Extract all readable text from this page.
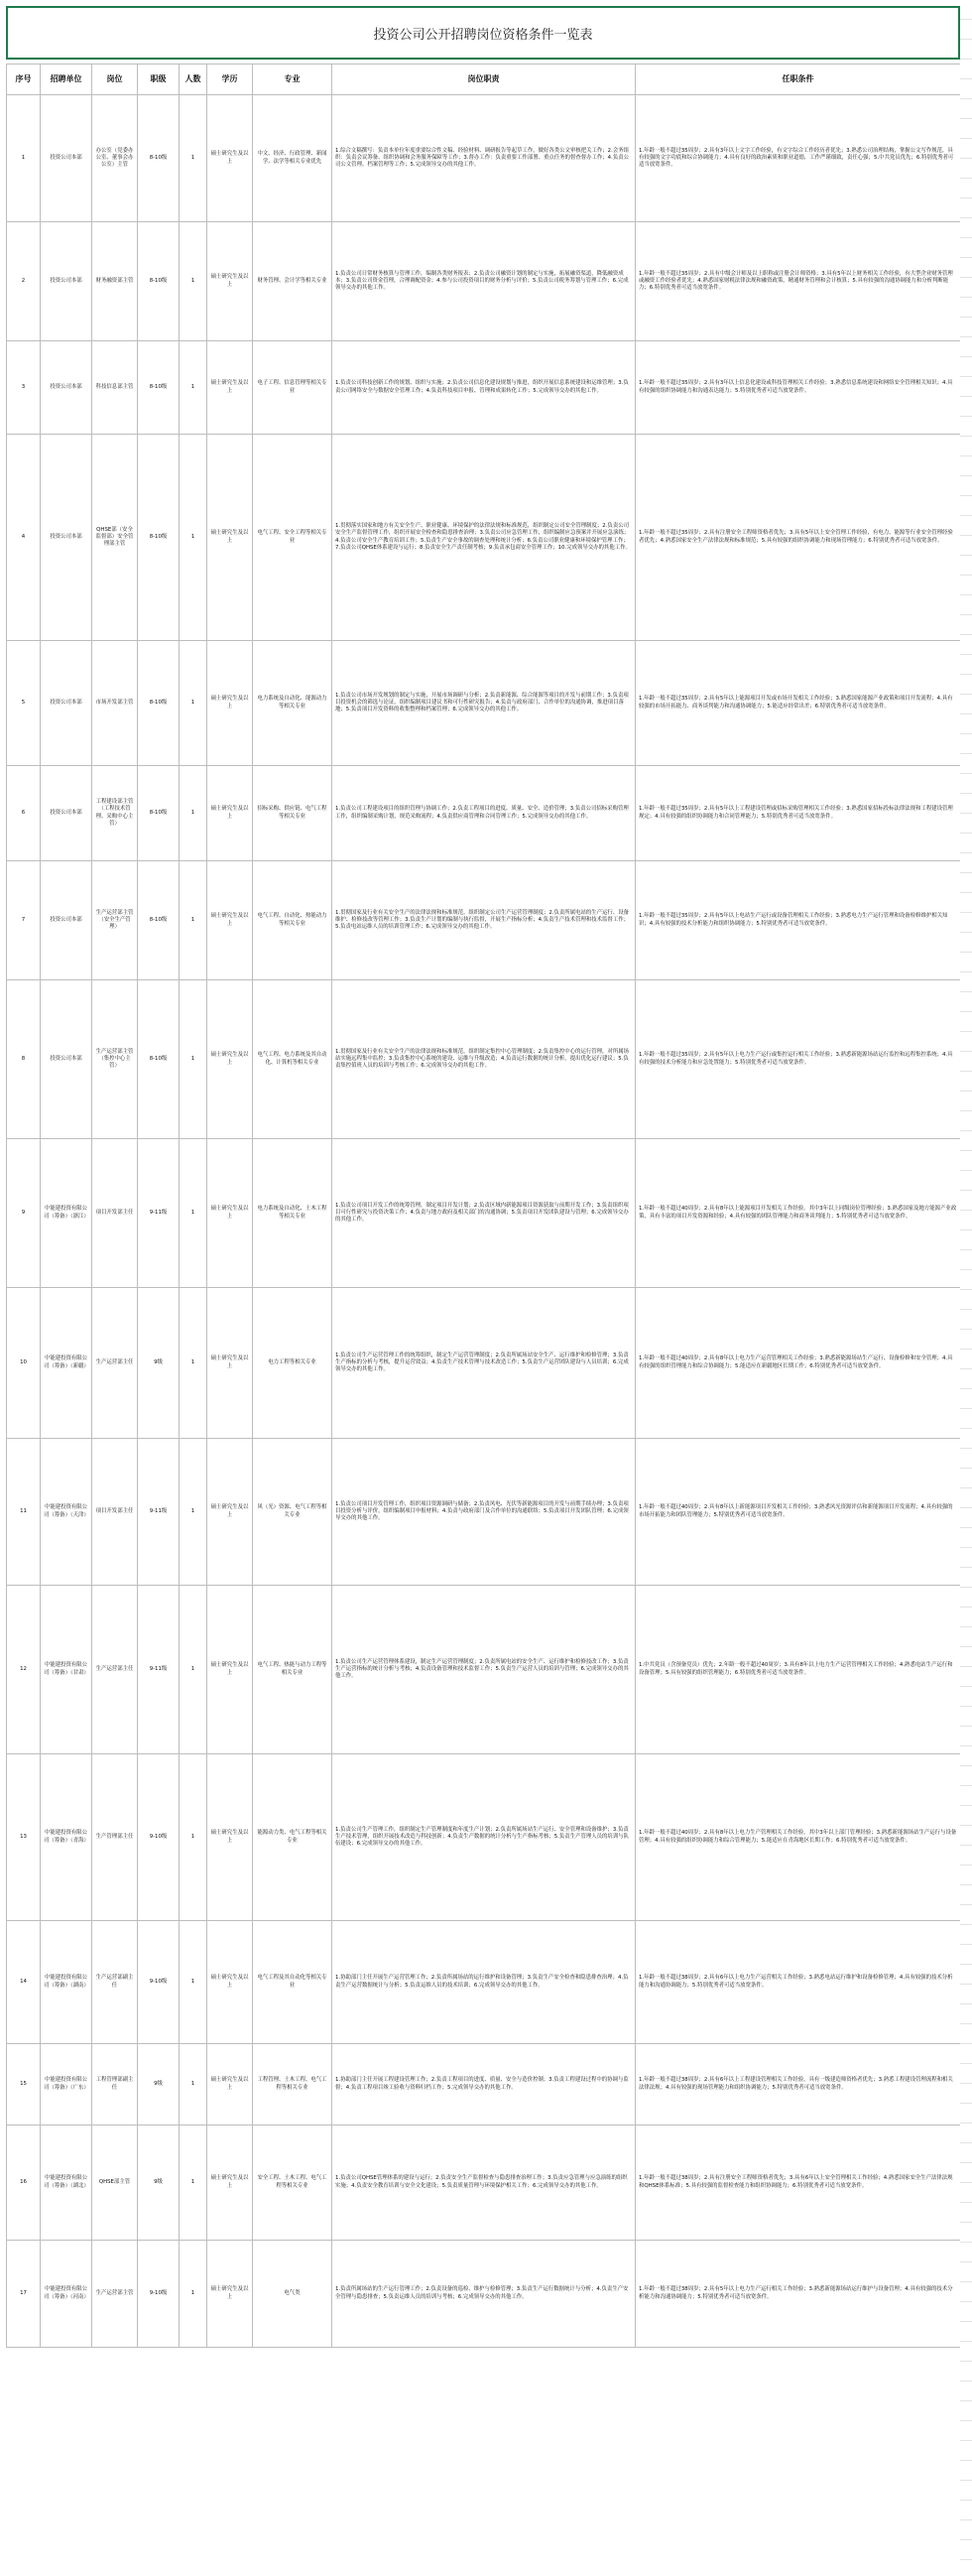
投资公司公开招聘岗位资格条件一览表
序号	招聘单位	岗位	职级	人数	学历	专业	岗位职责	任职条件

1	投资公司本部	办公室（党委办公室、董事会办公室）主管	8-10级	1	硕士研究生及以上	中文、经济、行政管理、新闻学、法学等相关专业优先	1.综合文稿撰写：负责本单位年度重要综合性文稿、经验材料、调研报告等起草工作，做好各类公文审核把关工作；2.会务组织：负责会议筹备、组织协调和会务服务保障等工作；3.督办工作：负责重要工作部署、重点任务的督查督办工作；4.负责公司公文管理、档案管理等工作；5.完成领导交办的其他工作。	1.年龄一般不超过35周岁；2.具有3年以上文字工作经验，有文字综合工作经历者优先；3.熟悉公司治理结构，掌握公文写作规范，具有较强的文字功底和综合协调能力；4.具有良好的政治素质和职业道德，工作严谨细致，责任心强；5.中共党员优先；6.特别优秀者可适当放宽条件。

2	投资公司本部	财务融资部主管	8-10级	1	硕士研究生及以上	财务管理、会计学等相关专业	1.负责公司日常财务核算与管理工作，编制各类财务报表；2.负责公司融资计划的制定与实施，拓展融资渠道，降低融资成本；3.负责公司资金管理，合理调配资金；4.参与公司投资项目的财务分析与评价；5.负责公司税务筹划与管理工作；6.完成领导交办的其他工作。	1.年龄一般不超过35周岁；2.具有中级会计师及以上职称或注册会计师资格；3.具有5年以上财务相关工作经验，有大型企业财务管理或融资工作经验者优先；4.熟悉国家财税法律法规和融资政策，精通财务管理和会计核算；5.具有较强的沟通协调能力和分析判断能力；6.特别优秀者可适当放宽条件。

3	投资公司本部	科技信息部主管	8-10级	1	硕士研究生及以上	电子工程、信息管理等相关专业	1.负责公司科技创新工作的规划、组织与实施；2.负责公司信息化建设规划与推进，组织开展信息系统建设和运维管理；3.负责公司网络安全与数据安全管理工作；4.负责科技项目申报、管理和成果转化工作；5.完成领导交办的其他工作。	1.年龄一般不超过35周岁；2.具有3年以上信息化建设或科技管理相关工作经验；3.熟悉信息系统建设和网络安全管理相关知识；4.具有较强的组织协调能力和沟通表达能力；5.特别优秀者可适当放宽条件。

4	投资公司本部	QHSE部（安全监督部）安全管理部主管	8-10级	1	硕士研究生及以上	电气工程、安全工程等相关专业	1.贯彻落实国家和地方有关安全生产、职业健康、环境保护的法律法规和标准规范，组织制定公司安全管理制度；2.负责公司安全生产监督管理工作，组织开展安全检查和隐患排查治理；3.负责公司应急管理工作，组织编制应急预案并开展应急演练；4.负责公司安全生产教育培训工作；5.负责生产安全事故的调查处理和统计分析；6.负责公司职业健康和环境保护管理工作；7.负责公司QHSE体系建设与运行；8.负责安全生产责任制考核；9.负责承包商安全管理工作；10.完成领导交办的其他工作。	1.年龄一般不超过35周岁；2.具有注册安全工程师资格者优先；3.具有5年以上安全管理工作经验，有电力、能源等行业安全管理经验者优先；4.熟悉国家安全生产法律法规和标准规范；5.具有较强的组织协调能力和现场管理能力；6.特别优秀者可适当放宽条件。

5	投资公司本部	市场开发部主管	8-10级	1	硕士研究生及以上	电力系统及自动化、能源动力等相关专业	1.负责公司市场开发规划的制定与实施，开展市场调研与分析；2.负责新能源、综合能源等项目的开发与前期工作；3.负责项目投资机会的筛选与论证，组织编制项目建议书和可行性研究报告；4.负责与政府部门、合作单位的沟通协调，推进项目落地；5.负责项目开发资料的收集整理和档案管理；6.完成领导交办的其他工作。	1.年龄一般不超过35周岁；2.具有5年以上能源项目开发或市场开发相关工作经验；3.熟悉国家能源产业政策和项目开发流程；4.具有较强的市场开拓能力、商务谈判能力和沟通协调能力；5.能适应经常出差；6.特别优秀者可适当放宽条件。

6	投资公司本部	工程建设部主管（工程技术管理、采购中心主管）	8-10级	1	硕士研究生及以上	招标采购、供应链、电气工程等相关专业	1.负责公司工程建设项目的组织管理与协调工作；2.负责工程项目的进度、质量、安全、造价管理；3.负责公司招标采购管理工作，组织编制采购计划，规范采购流程；4.负责供应商管理和合同管理工作；5.完成领导交办的其他工作。	1.年龄一般不超过35周岁；2.具有5年以上工程建设管理或招标采购管理相关工作经验；3.熟悉国家招标投标法律法规和工程建设管理规定；4.具有较强的组织协调能力和合同管理能力；5.特别优秀者可适当放宽条件。

7	投资公司本部	生产运营部主管（安全生产管理）	8-10级	1	硕士研究生及以上	电气工程、自动化、热能动力等相关专业	1.贯彻国家及行业有关安全生产的法律法规和标准规范，组织制定公司生产运营管理制度；2.负责所属电站的生产运行、设备维护、检修技改等管理工作；3.负责生产计划的编制与执行监督，开展生产指标分析；4.负责生产技术管理和技术监督工作；5.负责电站运维人员的培训管理工作；6.完成领导交办的其他工作。	1.年龄一般不超过35周岁；2.具有5年以上电站生产运行或设备管理相关工作经验；3.熟悉电力生产运行管理和设备检修维护相关知识；4.具有较强的技术分析能力和组织协调能力；5.特别优秀者可适当放宽条件。

8	投资公司本部	生产运营部主管（集控中心主管）	8-10级	1	硕士研究生及以上	电气工程、电力系统及其自动化、计算机等相关专业	1.贯彻国家及行业有关安全生产的法律法规和标准规范，组织制定集控中心管理制度；2.负责集控中心的运行管理，对所属场站实施远程集中监控；3.负责集控中心系统的建设、运维与升级改造；4.负责运行数据的统计分析，提出优化运行建议；5.负责集控值班人员的培训与考核工作；6.完成领导交办的其他工作。	1.年龄一般不超过35周岁；2.具有5年以上电力生产运行或集控运行相关工作经验；3.熟悉新能源场站运行监控和远程集控系统；4.具有较强的技术分析能力和应急处置能力；5.特别优秀者可适当放宽条件。

9	中能建投资有限公司（筹备）（浙江）	项目开发部主任	9-11级	1	硕士研究生及以上	电力系统及自动化、土木工程等相关专业	1.负责公司项目开发工作的统筹管理，制定项目开发计划；2.负责区域内新能源项目资源获取与前期开发工作；3.负责组织项目可行性研究与投资决策工作；4.负责与地方政府及相关部门的沟通协调；5.负责项目开发团队建设与管理；6.完成领导交办的其他工作。	1.年龄一般不超过40周岁；2.具有8年以上能源项目开发相关工作经验，其中3年以上同级岗位管理经验；3.熟悉国家及地方能源产业政策，具有丰富的项目开发资源和经验；4.具有较强的团队管理能力和商务谈判能力；5.特别优秀者可适当放宽条件。

10	中能建投资有限公司（筹备）（新疆）	生产运营部主任	9级	1	硕士研究生及以上	电力工程等相关专业	1.负责公司生产运营管理工作的统筹组织，制定生产运营管理制度；2.负责所属场站安全生产、运行维护和检修管理；3.负责生产指标的分析与考核，提升运营效益；4.负责生产技术管理与技术改造工作；5.负责生产运营团队建设与人员培训；6.完成领导交办的其他工作。	1.年龄一般不超过40周岁；2.具有8年以上电力生产运营管理相关工作经验；3.熟悉新能源场站生产运行、设备检修和安全管理；4.具有较强的组织管理能力和综合协调能力；5.能适应在新疆地区长期工作；6.特别优秀者可适当放宽条件。

11	中能建投资有限公司（筹备）（天津）	项目开发部主任	9-11级	1	硕士研究生及以上	风（光）资源、电气工程等相关专业	1.负责公司项目开发管理工作，组织项目资源调研与储备；2.负责风电、光伏等新能源项目的开发与前期手续办理；3.负责项目投资分析与评价，组织编制项目申报材料；4.负责与政府部门及合作单位的沟通联络；5.负责项目开发团队管理；6.完成领导交办的其他工作。	1.年龄一般不超过40周岁；2.具有8年以上新能源项目开发相关工作经验；3.熟悉风光资源评估和新能源项目开发流程；4.具有较强的市场开拓能力和团队管理能力；5.特别优秀者可适当放宽条件。

12	中能建投资有限公司（筹备）（甘肃）	生产运营部主任	9-11级	1	硕士研究生及以上	电气工程、热能与动力工程等相关专业	1.负责公司生产运营管理体系建设，制定生产运营管理制度；2.负责所属电站的安全生产、运行维护和检修技改工作；3.负责生产运营指标的统计分析与考核；4.负责设备管理和技术监督工作；5.负责生产运营人员的培训与管理；6.完成领导交办的其他工作。	1.中共党员（含预备党员）优先；2.年龄一般不超过40周岁；3.具有8年以上电力生产运营管理相关工作经验；4.熟悉电站生产运行和设备管理；5.具有较强的组织管理能力；6.特别优秀者可适当放宽条件。

13	中能建投资有限公司（筹备）（青海）	生产管理部主任	9-10级	1	硕士研究生及以上	能源动力类、电气工程等相关专业	1.负责公司生产管理工作，组织制定生产管理制度和年度生产计划；2.负责所属场站生产运行、安全管理和设备维护；3.负责生产技术管理，组织开展技术改造与科技创新；4.负责生产数据的统计分析与生产指标考核；5.负责生产管理人员的培训与队伍建设；6.完成领导交办的其他工作。	1.年龄一般不超过40周岁；2.具有8年以上电力生产管理相关工作经验，其中3年以上部门管理经验；3.熟悉新能源场站生产运行与设备管理；4.具有较强的组织协调能力和综合管理能力；5.能适应在青海地区长期工作；6.特别优秀者可适当放宽条件。

14	中能建投资有限公司（筹备）（湖南）	生产运营部副主任	9-10级	1	硕士研究生及以上	电气工程及其自动化等相关专业	1.协助部门主任开展生产运营管理工作；2.负责所属场站的运行维护和设备管理；3.负责生产安全检查和隐患排查治理；4.负责生产运营数据统计与分析；5.负责运维人员的技术培训；6.完成领导交办的其他工作。	1.年龄一般不超过38周岁；2.具有6年以上电力生产运营相关工作经验；3.熟悉电站运行维护和设备检修管理；4.具有较强的技术分析能力和沟通协调能力；5.特别优秀者可适当放宽条件。

15	中能建投资有限公司（筹备）（广东）	工程管理部副主任	9级	1	硕士研究生及以上	工程管理、土木工程、电气工程等相关专业	1.协助部门主任开展工程建设管理工作；2.负责工程项目的进度、质量、安全与造价控制；3.负责工程建设过程中的协调与监督；4.负责工程项目竣工验收与资料归档工作；5.完成领导交办的其他工作。	1.年龄一般不超过38周岁；2.具有6年以上工程建设管理相关工作经验，具有一级建造师资格者优先；3.熟悉工程建设管理流程和相关法律法规；4.具有较强的现场管理能力和组织协调能力；5.特别优秀者可适当放宽条件。

16	中能建投资有限公司（筹备）（湖北）	QHSE部主管	9级	1	硕士研究生及以上	安全工程、土木工程、电气工程等相关专业	1.负责公司QHSE管理体系的建设与运行；2.负责安全生产监督检查与隐患排查治理工作；3.负责应急管理与应急演练的组织实施；4.负责安全教育培训与安全文化建设；5.负责质量管理与环境保护相关工作；6.完成领导交办的其他工作。	1.年龄一般不超过38周岁；2.具有注册安全工程师资格者优先；3.具有6年以上安全管理相关工作经验；4.熟悉国家安全生产法律法规和QHSE体系标准；5.具有较强的监督检查能力和组织协调能力；6.特别优秀者可适当放宽条件。

17	中能建投资有限公司（筹备）（河南）	生产运营部主管	9-10级	1	硕士研究生及以上	电气类	1.负责所属场站的生产运行管理工作；2.负责设备的巡检、维护与检修管理；3.负责生产运行数据统计与分析；4.负责生产安全管理与隐患排查；5.负责运维人员的培训与考核；6.完成领导交办的其他工作。	1.年龄一般不超过38周岁；2.具有5年以上电力生产运行相关工作经验；3.熟悉新能源场站运行维护与设备管理；4.具有较强的技术分析能力和沟通协调能力；5.特别优秀者可适当放宽条件。
